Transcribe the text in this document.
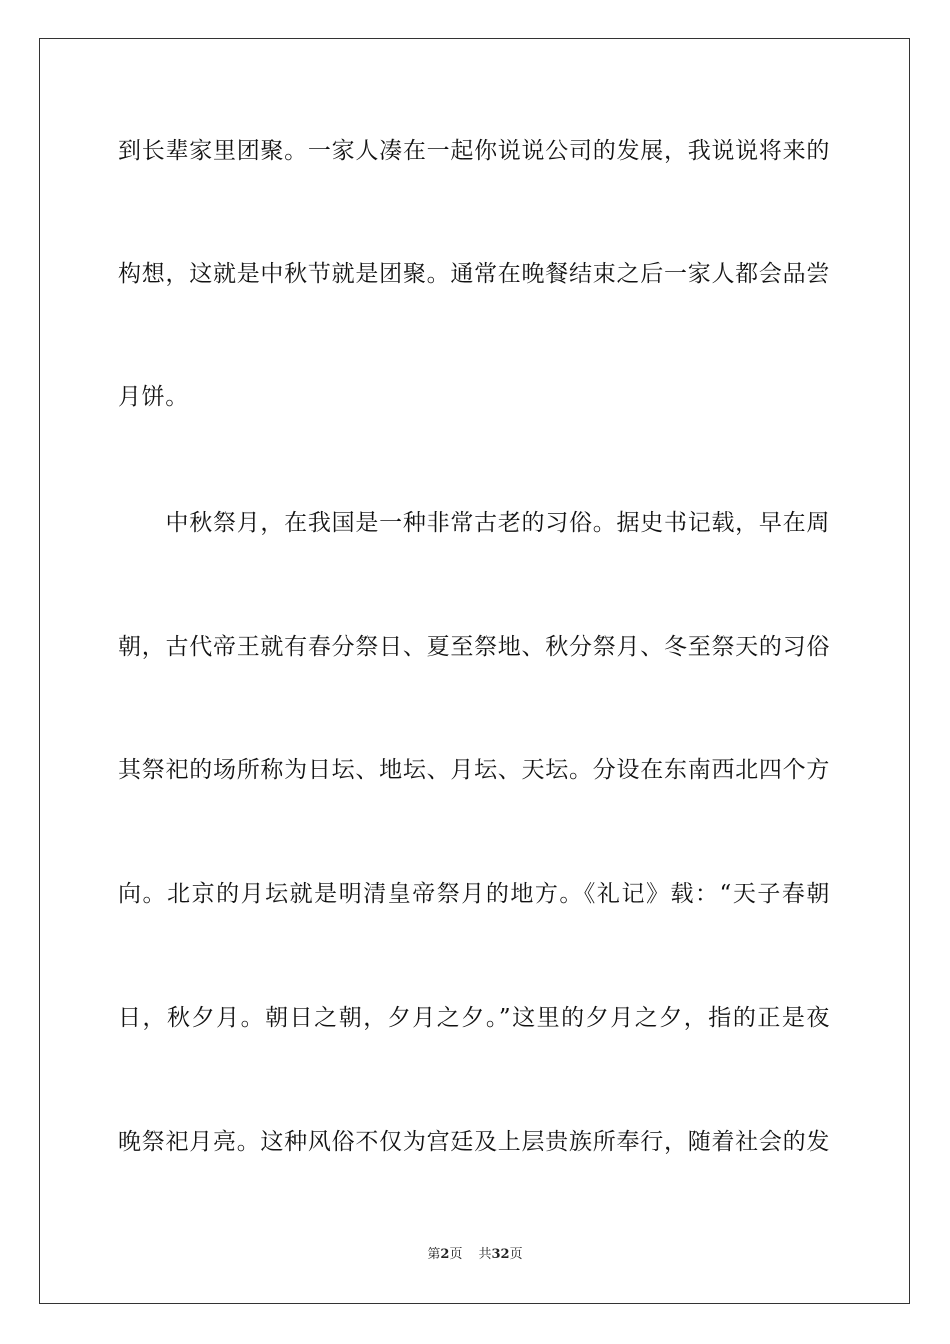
到长辈家里团聚。一家人凑在一起你说说公司的发展，我说说将来的
构想，这就是中秋节就是团聚。通常在晚餐结束之后一家人都会品尝
月饼。
　　中秋祭月，在我国是一种非常古老的习俗。据史书记载，早在周
朝，古代帝王就有春分祭日、夏至祭地、秋分祭月、冬至祭天的习俗
其祭祀的场所称为日坛、地坛、月坛、天坛。分设在东南西北四个方
向。北京的月坛就是明清皇帝祭月的地方。《礼记》载：“天子春朝
日，秋夕月。朝日之朝，夕月之夕。”这里的夕月之夕，指的正是夜
晚祭祀月亮。这种风俗不仅为宫廷及上层贵族所奉行，随着社会的发
第2页 共32页
